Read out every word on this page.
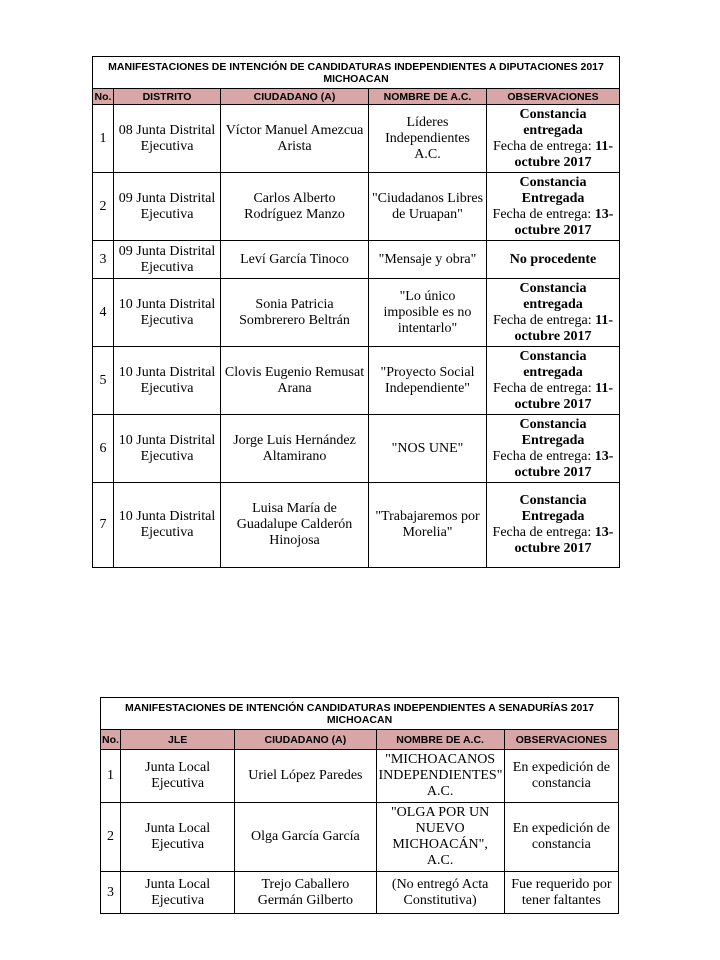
MANIFESTACIONES DE INTENCIÓN DE CANDIDATURAS INDEPENDIENTES A DIPUTACIONES 2017
MICHOACAN				

No.	DISTRITO	CIUDADANO (A)	NOMBRE DE A.C.	OBSERVACIONES
1	08 Junta Distrital Ejecutiva	Víctor Manuel Amezcua Arista	Líderes Independientes A.C.	Constancia entregada
Fecha de entrega: 11-octubre 2017
2	09 Junta Distrital Ejecutiva	Carlos Alberto Rodríguez Manzo	"Ciudadanos Libres de Uruapan"	Constancia Entregada
Fecha de entrega: 13-octubre 2017
3	09 Junta Distrital Ejecutiva	Leví García Tinoco	"Mensaje y obra"	No procedente
4	10 Junta Distrital Ejecutiva	Sonia Patricia Sombrerero Beltrán	"Lo único imposible es no intentarlo"	Constancia entregada
Fecha de entrega: 11-octubre 2017
5	10 Junta Distrital Ejecutiva	Clovis Eugenio Remusat Arana	"Proyecto Social Independiente"	Constancia entregada
Fecha de entrega: 11-octubre 2017
6	10 Junta Distrital Ejecutiva	Jorge Luis Hernández Altamirano	"NOS UNE"	Constancia Entregada
Fecha de entrega: 13-octubre 2017
7	10 Junta Distrital Ejecutiva	Luisa María de Guadalupe Calderón Hinojosa	"Trabajaremos por Morelia"	Constancia Entregada
Fecha de entrega: 13-octubre 2017
MANIFESTACIONES DE INTENCIÓN CANDIDATURAS INDEPENDIENTES A SENADURÍAS 2017
MICHOACAN				

No.	JLE	CIUDADANO (A)	NOMBRE DE A.C.	OBSERVACIONES
1	Junta Local Ejecutiva	Uriel López Paredes	"MICHOACANOS INDEPENDIENTES" A.C.	En expedición de constancia
2	Junta Local Ejecutiva	Olga García García	"OLGA POR UN NUEVO MICHOACÁN", A.C.	En expedición de constancia
3	Junta Local Ejecutiva	Trejo Caballero Germán Gilberto	(No entregó Acta Constitutiva)	Fue requerido por tener faltantes
